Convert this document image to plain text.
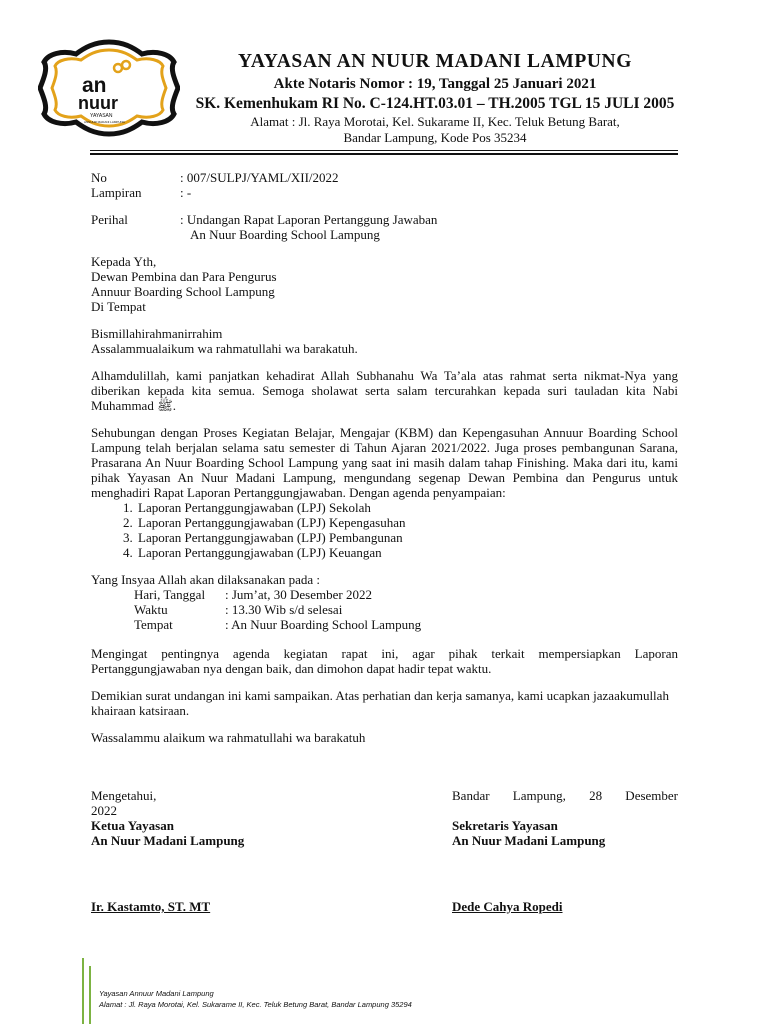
an
nuur
YAYASAN
ANNUUR MADANI LAMPUNG
YAYASAN AN NUUR MADANI LAMPUNG
Akte Notaris Nomor : 19, Tanggal 25 Januari 2021
SK. Kemenhukam RI No. C-124.HT.03.01 – TH.2005 TGL 15 JULI 2005
Alamat : Jl. Raya Morotai, Kel. Sukarame II, Kec. Teluk Betung Barat,
Bandar Lampung, Kode Pos 35234
No	: 007/SULPJ/YAML/XII/2022
Lampiran	: -
Perihal	: Undangan Rapat Laporan Pertanggung Jawaban
An Nuur Boarding School Lampung

Kepada Yth,

Dewan Pembina dan Para Pengurus

Annuur Boarding School Lampung

Di Tempat

Bismillahirahmanirrahim

Assalammualaikum wa rahmatullahi wa barakatuh.

Alhamdulillah, kami panjatkan kehadirat Allah Subhanahu Wa Ta’ala atas rahmat serta nikmat-Nya yang diberikan kepada kita semua. Semoga sholawat serta salam tercurahkan kepada suri tauladan kita Nabi Muhammad ﷺ.

Sehubungan dengan Proses Kegiatan Belajar, Mengajar (KBM) dan Kepengasuhan Annuur Boarding School Lampung telah berjalan selama satu semester di Tahun Ajaran 2021/2022. Juga proses pembangunan Sarana, Prasarana An Nuur Boarding School Lampung yang saat ini masih dalam tahap Finishing. Maka dari itu, kami pihak Yayasan An Nuur Madani Lampung, mengundang segenap Dewan Pembina dan Pengurus untuk menghadiri Rapat Laporan Pertanggungjawaban. Dengan agenda penyampaian:

1. Laporan Pertanggungjawaban (LPJ) Sekolah
2. Laporan Pertanggungjawaban (LPJ) Kepengasuhan
3. Laporan Pertanggungjawaban (LPJ) Pembangunan
4. Laporan Pertanggungjawaban (LPJ) Keuangan

Yang Insyaa Allah akan dilaksanakan pada :

Hari, Tanggal : Jum’at, 30 Desember 2022
Waktu	: 13.30 Wib s/d selesai
Tempat	: An Nuur Boarding School Lampung

Mengingat pentingnya agenda kegiatan rapat ini, agar pihak terkait mempersiapkan Laporan Pertanggungjawaban nya dengan baik, dan dimohon dapat hadir tepat waktu.

Demikian surat undangan ini kami sampaikan. Atas perhatian dan kerja samanya, kami ucapkan jazaakumullah khairaan katsiraan.

Wassalammu alaikum wa rahmatullahi wa barakatuh

Mengetahui,
2022
Ketua Yayasan
An Nuur Madani Lampung
Bandar Lampung, 28 Desember
Sekretaris Yayasan
An Nuur Madani Lampung
Ir. Kastamto, ST. MT	Dede Cahya Ropedi
Yayasan Annuur Madani Lampung
Alamat : Jl. Raya Morotai, Kel. Sukarame II, Kec. Teluk Betung Barat, Bandar Lampung 35294
